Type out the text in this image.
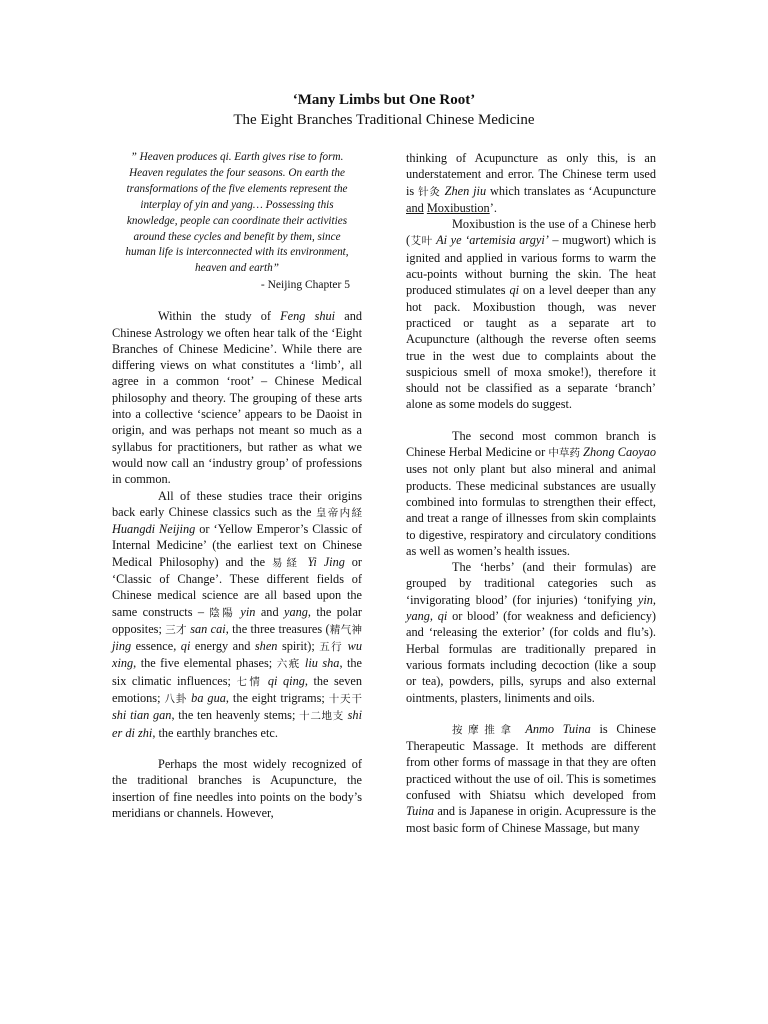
‘Many Limbs but One Root’
The Eight Branches Traditional Chinese Medicine
” Heaven produces qi. Earth gives rise to form. Heaven regulates the four seasons. On earth the transformations of the five elements represent the interplay of yin and yang… Possessing this knowledge, people can coordinate their activities around these cycles and benefit by them, since human life is interconnected with its environment, heaven and earth”
- Neijing Chapter 5

Within the study of Feng shui and Chinese Astrology we often hear talk of the ‘Eight Branches of Chinese Medicine’. While there are differing views on what constitutes a ‘limb’, all agree in a common ‘root’ – Chinese Medical philosophy and theory. The grouping of these arts into a collective ‘science’ appears to be Daoist in origin, and was perhaps not meant so much as a syllabus for practitioners, but rather as what we would now call an ‘industry group’ of professions in common.

All of these studies trace their origins back early Chinese classics such as the 皇帝内経 Huangdi Neijing or ‘Yellow Emperor’s Classic of Internal Medicine’ (the earliest text on Chinese Medical Philosophy) and the 易経 Yi Jing or ‘Classic of Change’. These different fields of Chinese medical science are all based upon the same constructs – 陰陽 yin and yang, the polar opposites; 三才 san cai, the three treasures (精气神 jing essence, qi energy and shen spirit); 五行 wu xing, the five elemental phases; 六疧 liu sha, the six climatic influences; 七情 qi qing, the seven emotions; 八卦 ba gua, the eight trigrams; 十天干 shi tian gan, the ten heavenly stems; 十二地支 shi er di zhi, the earthly branches etc.

Perhaps the most widely recognized of the traditional branches is Acupuncture, the insertion of fine needles into points on the body’s meridians or channels. However,

thinking of Acupuncture as only this, is an understatement and error. The Chinese term used is 针灸 Zhen jiu which translates as ‘Acupuncture and Moxibustion’.

Moxibustion is the use of a Chinese herb (艾叶 Ai ye ‘artemisia argyi’ – mugwort) which is ignited and applied in various forms to warm the acu-points without burning the skin. The heat produced stimulates qi on a level deeper than any hot pack. Moxibustion though, was never practiced or taught as a separate art to Acupuncture (although the reverse often seems true in the west due to complaints about the suspicious smell of moxa smoke!), therefore it should not be classified as a separate ‘branch’ alone as some models do suggest.

The second most common branch is Chinese Herbal Medicine or 中草药 Zhong Caoyao uses not only plant but also mineral and animal products. These medicinal substances are usually combined into formulas to strengthen their effect, and treat a range of illnesses from skin complaints to digestive, respiratory and circulatory conditions as well as women’s health issues.

The ‘herbs’ (and their formulas) are grouped by traditional categories such as ‘invigorating blood’ (for injuries) ‘tonifying yin, yang, qi or blood’ (for weakness and deficiency) and ‘releasing the exterior’ (for colds and flu’s). Herbal formulas are traditionally prepared in various formats including decoction (like a soup or tea), powders, pills, syrups and also external ointments, plasters, liniments and oils.

按摩推拿 Anmo Tuina is Chinese Therapeutic Massage. It methods are different from other forms of massage in that they are often practiced without the use of oil. This is sometimes confused with Shiatsu which developed from Tuina and is Japanese in origin. Acupressure is the most basic form of Chinese Massage, but many
